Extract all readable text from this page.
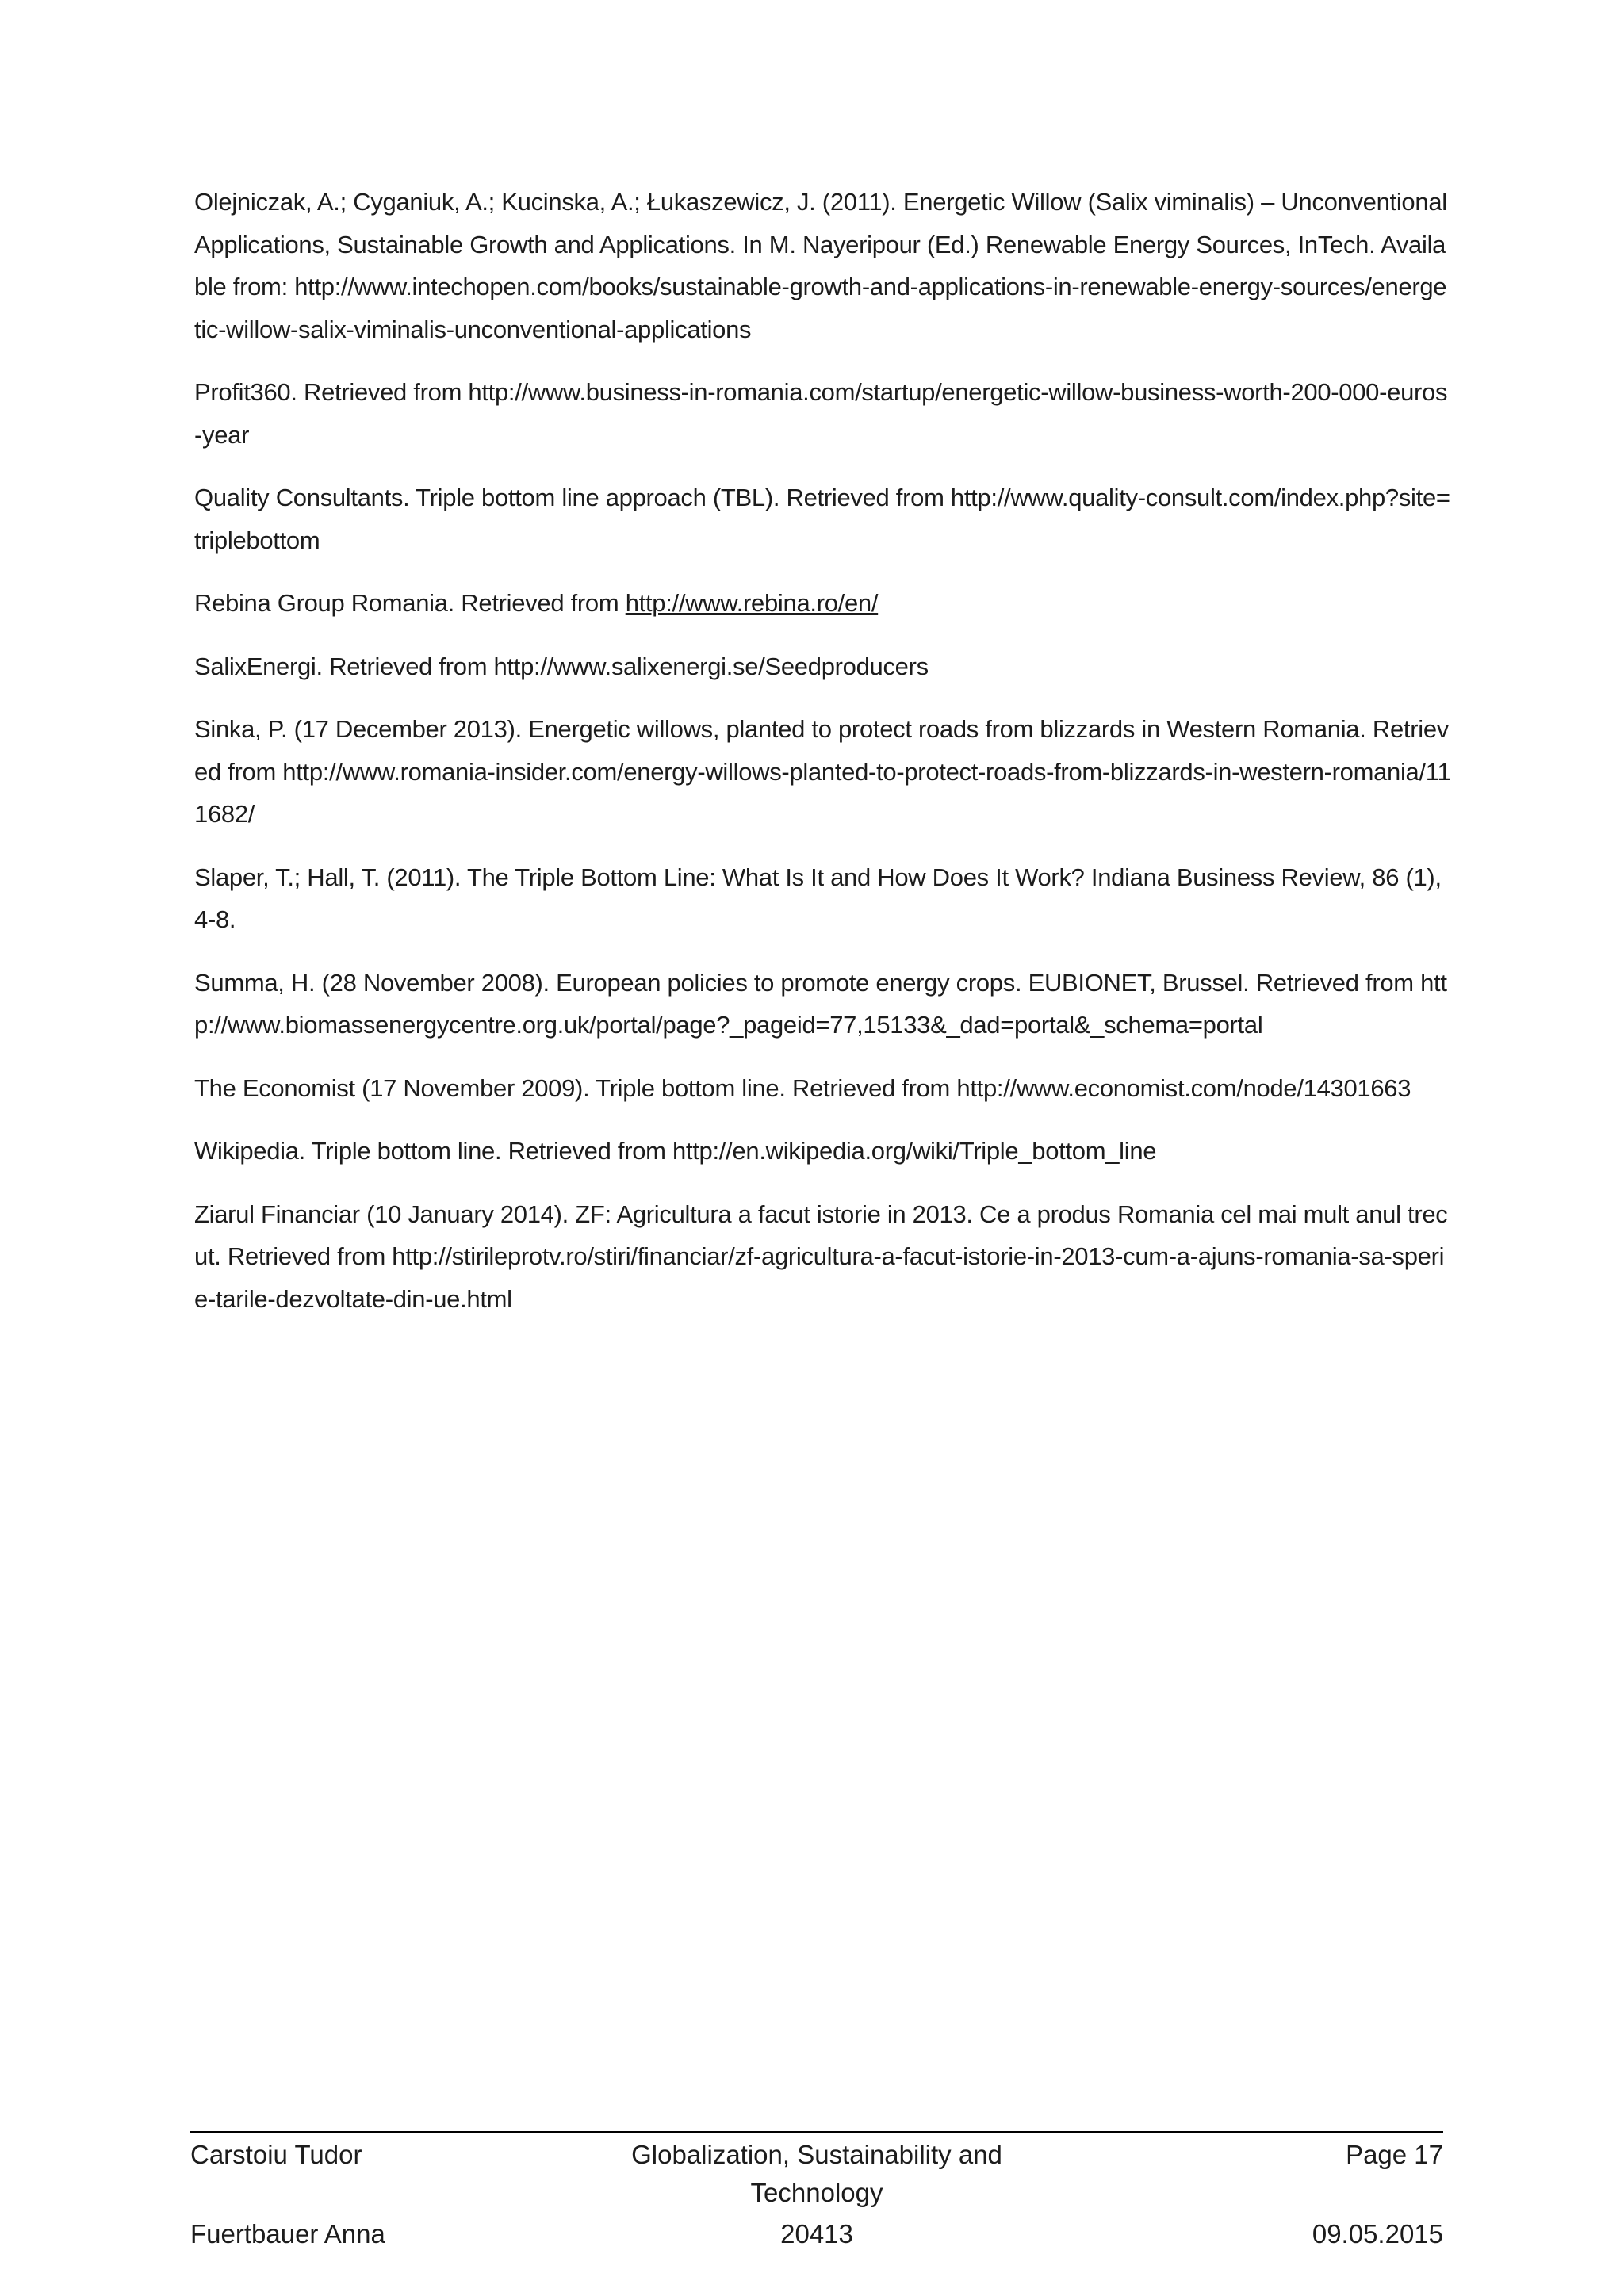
Olejniczak, A.; Cyganiuk, A.; Kucinska, A.; Łukaszewicz, J. (2011). Energetic Willow (Salix viminalis) – Unconventional Applications, Sustainable Growth and Applications. In M. Nayeripour (Ed.) Renewable Energy Sources, InTech. Available from: http://www.intechopen.com/books/sustainable-growth-and-applications-in-renewable-energy-sources/energetic-willow-salix-viminalis-unconventional-applications
Profit360. Retrieved from http://www.business-in-romania.com/startup/energetic-willow-business-worth-200-000-euros-year
Quality Consultants. Triple bottom line approach (TBL). Retrieved from http://www.quality-consult.com/index.php?site=triplebottom
Rebina Group Romania. Retrieved from http://www.rebina.ro/en/
SalixEnergi. Retrieved from http://www.salixenergi.se/Seedproducers
Sinka, P. (17 December 2013). Energetic willows, planted to protect roads from blizzards in Western Romania. Retrieved from http://www.romania-insider.com/energy-willows-planted-to-protect-roads-from-blizzards-in-western-romania/111682/
Slaper, T.; Hall, T. (2011). The Triple Bottom Line: What Is It and How Does It Work? Indiana Business Review, 86 (1), 4-8.
Summa, H. (28 November 2008). European policies to promote energy crops. EUBIONET, Brussel. Retrieved from http://www.biomassenergycentre.org.uk/portal/page?_pageid=77,15133&_dad=portal&_schema=portal
The Economist (17 November 2009). Triple bottom line. Retrieved from http://www.economist.com/node/14301663
Wikipedia. Triple bottom line. Retrieved from http://en.wikipedia.org/wiki/Triple_bottom_line
Ziarul Financiar (10 January 2014). ZF: Agricultura a facut istorie in 2013. Ce a produs Romania cel mai mult anul trecut. Retrieved from http://stirileprotv.ro/stiri/financiar/zf-agricultura-a-facut-istorie-in-2013-cum-a-ajuns-romania-sa-sperie-tarile-dezvoltate-din-ue.html
Carstoiu Tudor	Globalization, Sustainability and Technology
Page 17
Fuertbauer Anna	20413	09.05.2015
